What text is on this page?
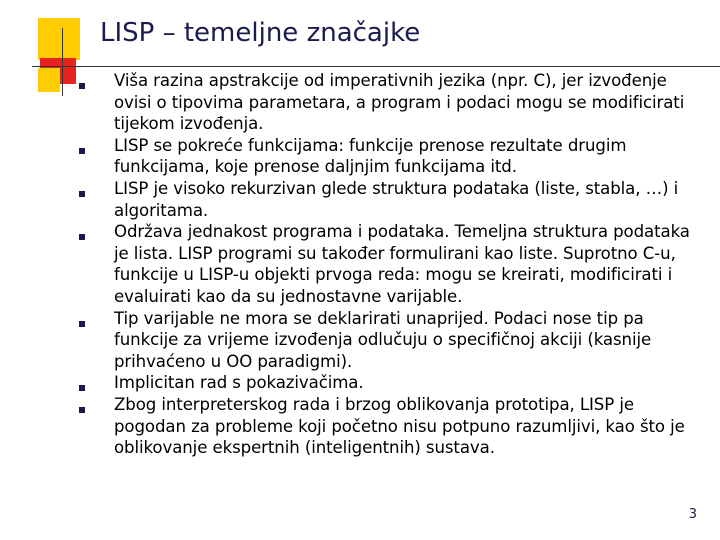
LISP – temeljne značajke
Viša razina apstrakcije od imperativnih jezika (npr. C), jer izvođenje ovisi o tipovima parametara, a program i podaci mogu se modificirati tijekom izvođenja.
LISP se pokreće funkcijama: funkcije prenose rezultate drugim funkcijama, koje prenose daljnjim funkcijama itd.
LISP je visoko rekurzivan glede struktura podataka (liste, stabla, …) i algoritama.
Održava jednakost programa i podataka. Temeljna struktura podataka je lista. LISP programi su također formulirani kao liste. Suprotno C-u, funkcije u LISP-u objekti prvoga reda: mogu se kreirati, modificirati i evaluirati kao da su jednostavne varijable.
Tip varijable ne mora se deklarirati unaprijed. Podaci nose tip pa funkcije za vrijeme izvođenja odlučuju o specifičnoj akciji (kasnije prihvaćeno u OO paradigmi).
Implicitan rad s pokazivačima.
Zbog interpreterskog rada i brzog oblikovanja prototipa, LISP je pogodan za probleme koji početno nisu potpuno razumljivi, kao što je oblikovanje ekspertnih (inteligentnih) sustava.
3
